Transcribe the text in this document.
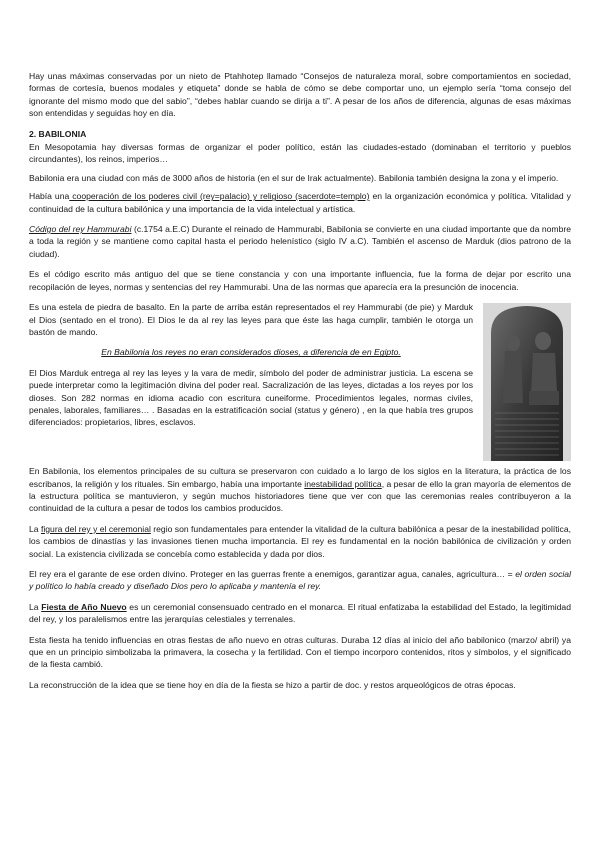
Hay unas máximas conservadas por un nieto de Ptahhotep llamado “Consejos de naturaleza moral, sobre comportamientos en sociedad, formas de cortesía, buenos modales y etiqueta” donde se habla de cómo se debe comportar uno, un ejemplo sería “toma consejo del ignorante del mismo modo que del sabio”, “debes hablar cuando se dirija a ti”. A pesar de los años de diferencia, algunas de esas máximas son entendidas y seguidas hoy en día.

2. BABILONIA

En Mesopotamia hay diversas formas de organizar el poder político, están las ciudades-estado (dominaban el territorio y pueblos circundantes), los reinos, imperios…

Babilonia era una ciudad con más de 3000 años de historia (en el sur de Irak actualmente). Babilonia también designa la zona y el imperio.

Había una cooperación de los poderes civil (rey=palacio) y religioso (sacerdote=templo) en la organización económica y política. Vitalidad y continuidad de la cultura babilónica y una importancia de la vida intelectual y artística.

Código del rey Hammurabi (c.1754 a.E.C) Durante el reinado de Hammurabi, Babilonia se convierte en una ciudad importante que da nombre a toda la región y se mantiene como capital hasta el periodo helenístico (siglo IV a.C). También el ascenso de Marduk (dios patrono de la ciudad).

Es el código escrito más antiguo del que se tiene constancia y con una importante influencia, fue la forma de dejar por escrito una recopilación de leyes, normas y sentencias del rey Hammurabi. Una de las normas que aparecía era la presunción de inocencia.

Es una estela de piedra de basalto. En la parte de arriba están representados el rey Hammurabi (de pie) y Marduk el Dios (sentado en el trono). El Dios le da al rey las leyes para que éste las haga cumplir, también le otorga un bastón de mando.

En Babilonia los reyes no eran considerados dioses, a diferencia de en Egipto.

El Dios Marduk entrega al rey las leyes y la vara de medir, símbolo del poder de administrar justicia. La escena se puede interpretar como la legitimación divina del poder real. Sacralización de las leyes, dictadas a los reyes por los dioses. Son 282 normas en idioma acadio con escritura cuneiforme. Procedimientos legales, normas civiles, penales, laborales, familiares… . Basadas en la estratificación social (status y género) , en la que había tres grupos diferenciados: propietarios, libres, esclavos.

En Babilonia, los elementos principales de su cultura se preservaron con cuidado a lo largo de los siglos en la literatura, la práctica de los escribanos, la religión y los rituales. Sin embargo, había una importante inestabilidad política, a pesar de ello la gran mayoría de elementos de la estructura política se mantuvieron, y según muchos historiadores tiene que ver con que las ceremonias reales contribuyeron a la continuidad de la cultura a pesar de todos los cambios producidos.

La figura del rey y el ceremonial regio son fundamentales para entender la vitalidad de la cultura babilónica a pesar de la inestabilidad política, los cambios de dinastías y las invasiones tienen mucha importancia. El rey es fundamental en la noción babilónica de civilización y orden social. La existencia civilizada se concebía como establecida y dada por dios.

El rey era el garante de ese orden divino. Proteger en las guerras frente a enemigos, garantizar agua, canales, agricultura… = el orden social y político lo había creado y diseñado Dios pero lo aplicaba y mantenía el rey.

La Fiesta de Año Nuevo es un ceremonial consensuado centrado en el monarca. El ritual enfatizaba la estabilidad del Estado, la legitimidad del rey, y los paralelismos entre las jerarquías celestiales y terrenales.

Esta fiesta ha tenido influencias en otras fiestas de año nuevo en otras culturas. Duraba 12 días al inicio del año babilonico (marzo/ abril) ya que en un principio simbolizaba la primavera, la cosecha y la fertilidad. Con el tiempo incorporo contenidos, ritos y símbolos, y el significado de la fiesta cambió.

La reconstrucción de la idea que se tiene hoy en día de la fiesta se hizo a partir de doc. y restos arqueológicos de otras épocas.
